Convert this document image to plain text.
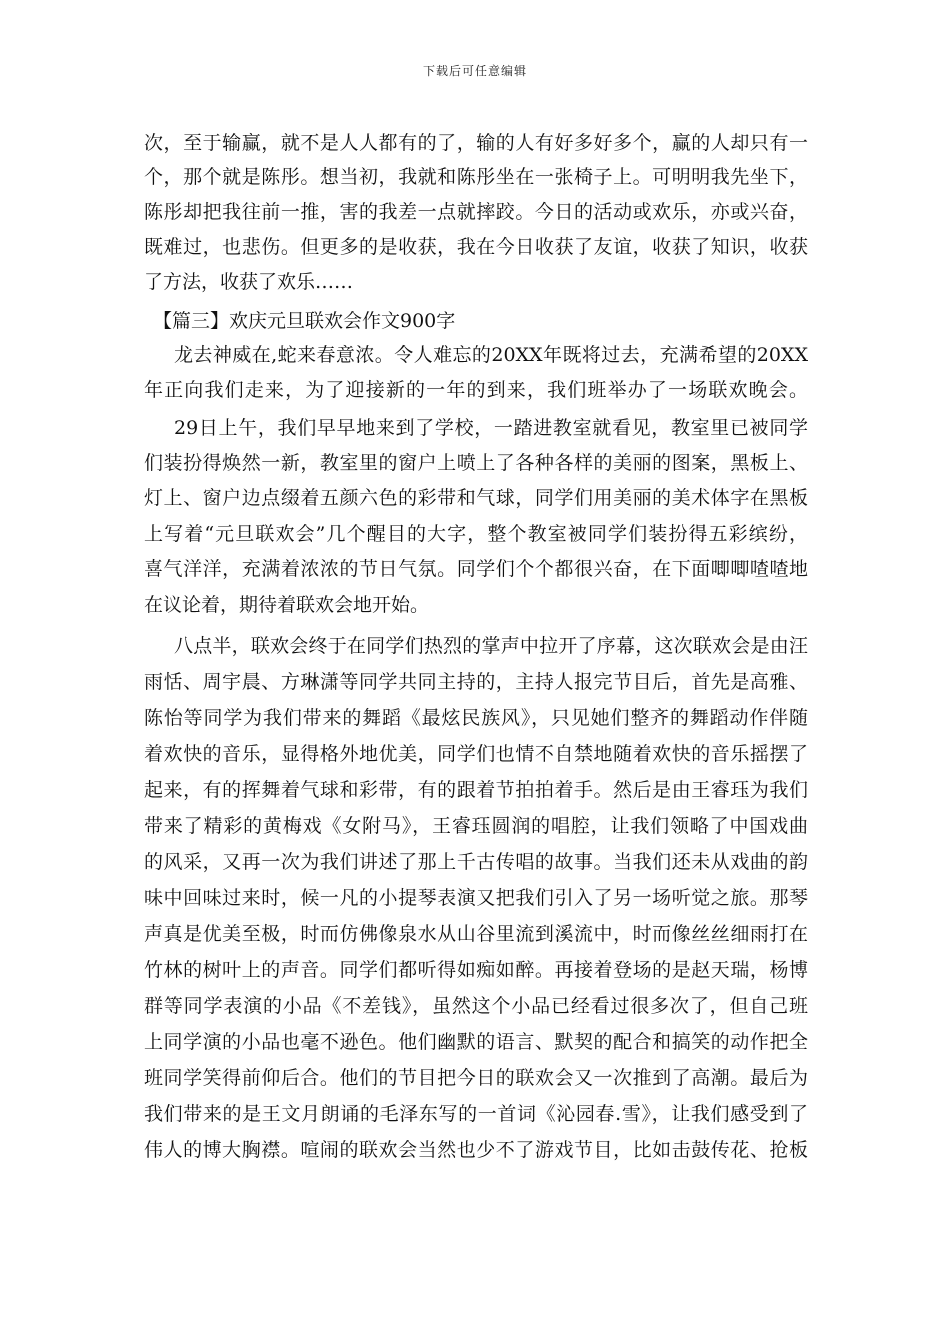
下载后可任意编辑
次，至于输赢，就不是人人都有的了，输的人有好多好多个，赢的人却只有一
个，那个就是陈彤。想当初，我就和陈彤坐在一张椅子上。可明明我先坐下，
陈彤却把我往前一推，害的我差一点就摔跤。今日的活动或欢乐，亦或兴奋，
既难过，也悲伤。但更多的是收获，我在今日收获了友谊，收获了知识，收获
了方法，收获了欢乐……
【篇三】欢庆元旦联欢会作文900字
龙去神威在,蛇来春意浓。令人难忘的20XX年既将过去，充满希望的20XX
年正向我们走来，为了迎接新的一年的到来，我们班举办了一场联欢晚会。
29日上午，我们早早地来到了学校，一踏进教室就看见，教室里已被同学
们装扮得焕然一新，教室里的窗户上喷上了各种各样的美丽的图案，黑板上、
灯上、窗户边点缀着五颜六色的彩带和气球，同学们用美丽的美术体字在黑板
上写着“元旦联欢会”几个醒目的大字，整个教室被同学们装扮得五彩缤纷，
喜气洋洋，充满着浓浓的节日气氛。同学们个个都很兴奋，在下面唧唧喳喳地
在议论着，期待着联欢会地开始。
八点半，联欢会终于在同学们热烈的掌声中拉开了序幕，这次联欢会是由汪
雨恬、周宇晨、方琳潇等同学共同主持的，主持人报完节目后，首先是高雅、
陈怡等同学为我们带来的舞蹈《最炫民族风》，只见她们整齐的舞蹈动作伴随
着欢快的音乐，显得格外地优美，同学们也情不自禁地随着欢快的音乐摇摆了
起来，有的挥舞着气球和彩带，有的跟着节拍拍着手。然后是由王睿珏为我们
带来了精彩的黄梅戏《女附马》，王睿珏圆润的唱腔，让我们领略了中国戏曲
的风采，又再一次为我们讲述了那上千古传唱的故事。当我们还未从戏曲的韵
味中回味过来时，候一凡的小提琴表演又把我们引入了另一场听觉之旅。那琴
声真是优美至极，时而仿佛像泉水从山谷里流到溪流中，时而像丝丝细雨打在
竹林的树叶上的声音。同学们都听得如痴如醉。再接着登场的是赵天瑞，杨博
群等同学表演的小品《不差钱》，虽然这个小品已经看过很多次了，但自己班
上同学演的小品也毫不逊色。他们幽默的语言、默契的配合和搞笑的动作把全
班同学笑得前仰后合。他们的节目把今日的联欢会又一次推到了高潮。最后为
我们带来的是王文月朗诵的毛泽东写的一首词《沁园春.雪》，让我们感受到了
伟人的博大胸襟。喧闹的联欢会当然也少不了游戏节目，比如击鼓传花、抢板
